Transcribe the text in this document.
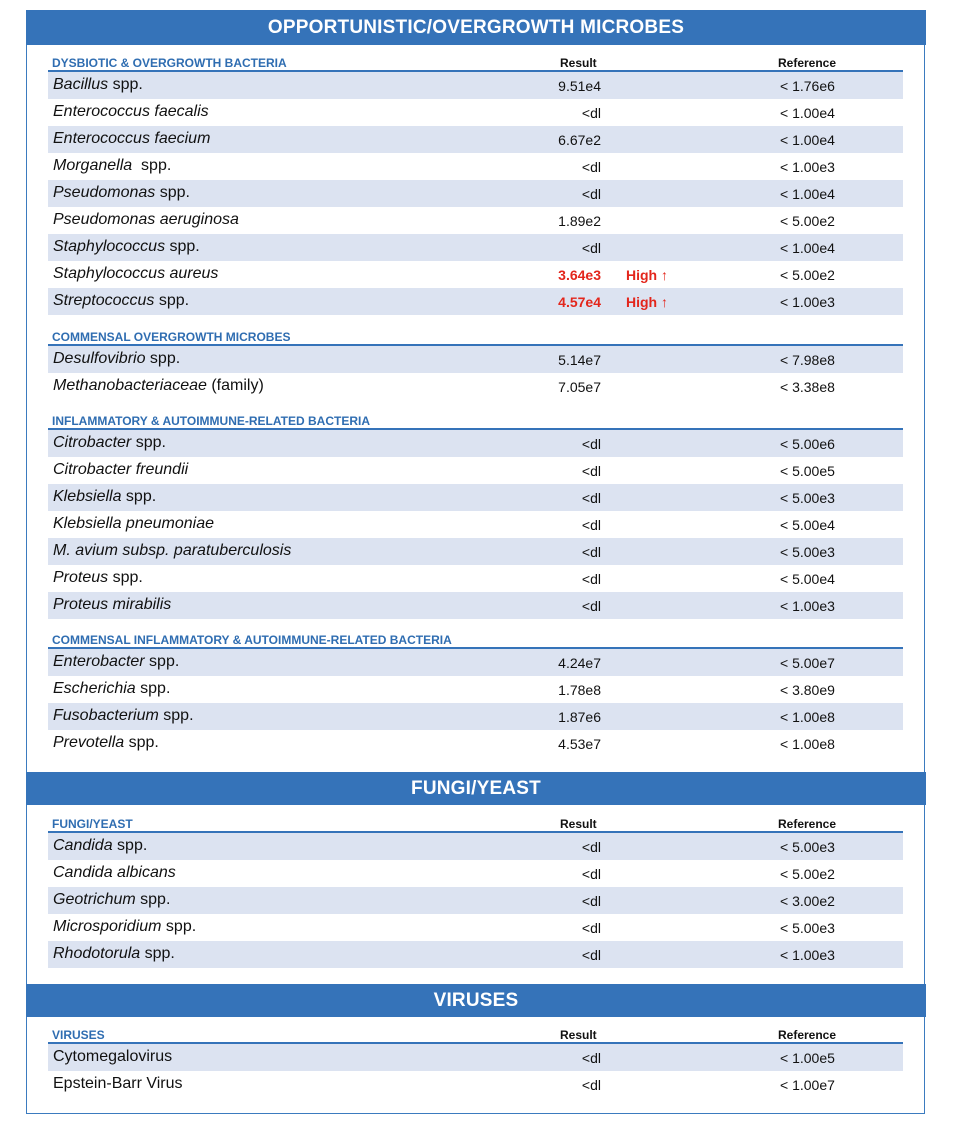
OPPORTUNISTIC/OVERGROWTH MICROBES
DYSBIOTIC & OVERGROWTH BACTERIA	Result	Reference
Bacillus spp.	9.51e4	< 1.76e6
Enterococcus faecalis	<dl	< 1.00e4
Enterococcus faecium	6.67e2	< 1.00e4
Morganella  spp.	<dl	< 1.00e3
Pseudomonas spp.	<dl	< 1.00e4
Pseudomonas aeruginosa	1.89e2	< 5.00e2
Staphylococcus spp.	<dl	< 1.00e4
Staphylococcus aureus	3.64e3 High ↑	< 5.00e2
Streptococcus spp.	4.57e4 High ↑	< 1.00e3
COMMENSAL OVERGROWTH MICROBES
Desulfovibrio spp.	5.14e7	< 7.98e8
Methanobacteriaceae (family)	7.05e7	< 3.38e8
INFLAMMATORY & AUTOIMMUNE-RELATED BACTERIA
Citrobacter spp.	<dl	< 5.00e6
Citrobacter freundii	<dl	< 5.00e5
Klebsiella spp.	<dl	< 5.00e3
Klebsiella pneumoniae	<dl	< 5.00e4
M. avium subsp. paratuberculosis	<dl	< 5.00e3
Proteus spp.	<dl	< 5.00e4
Proteus mirabilis	<dl	< 1.00e3
COMMENSAL INFLAMMATORY & AUTOIMMUNE-RELATED BACTERIA
Enterobacter spp.	4.24e7	< 5.00e7
Escherichia spp.	1.78e8	< 3.80e9
Fusobacterium spp.	1.87e6	< 1.00e8
Prevotella spp.	4.53e7	< 1.00e8
FUNGI/YEAST
FUNGI/YEAST	Result	Reference
Candida spp.	<dl	< 5.00e3
Candida albicans	<dl	< 5.00e2
Geotrichum spp.	<dl	< 3.00e2
Microsporidium spp.	<dl	< 5.00e3
Rhodotorula spp.	<dl	< 1.00e3
VIRUSES
VIRUSES	Result	Reference
Cytomegalovirus	<dl	< 1.00e5
Epstein-Barr Virus	<dl	< 1.00e7
